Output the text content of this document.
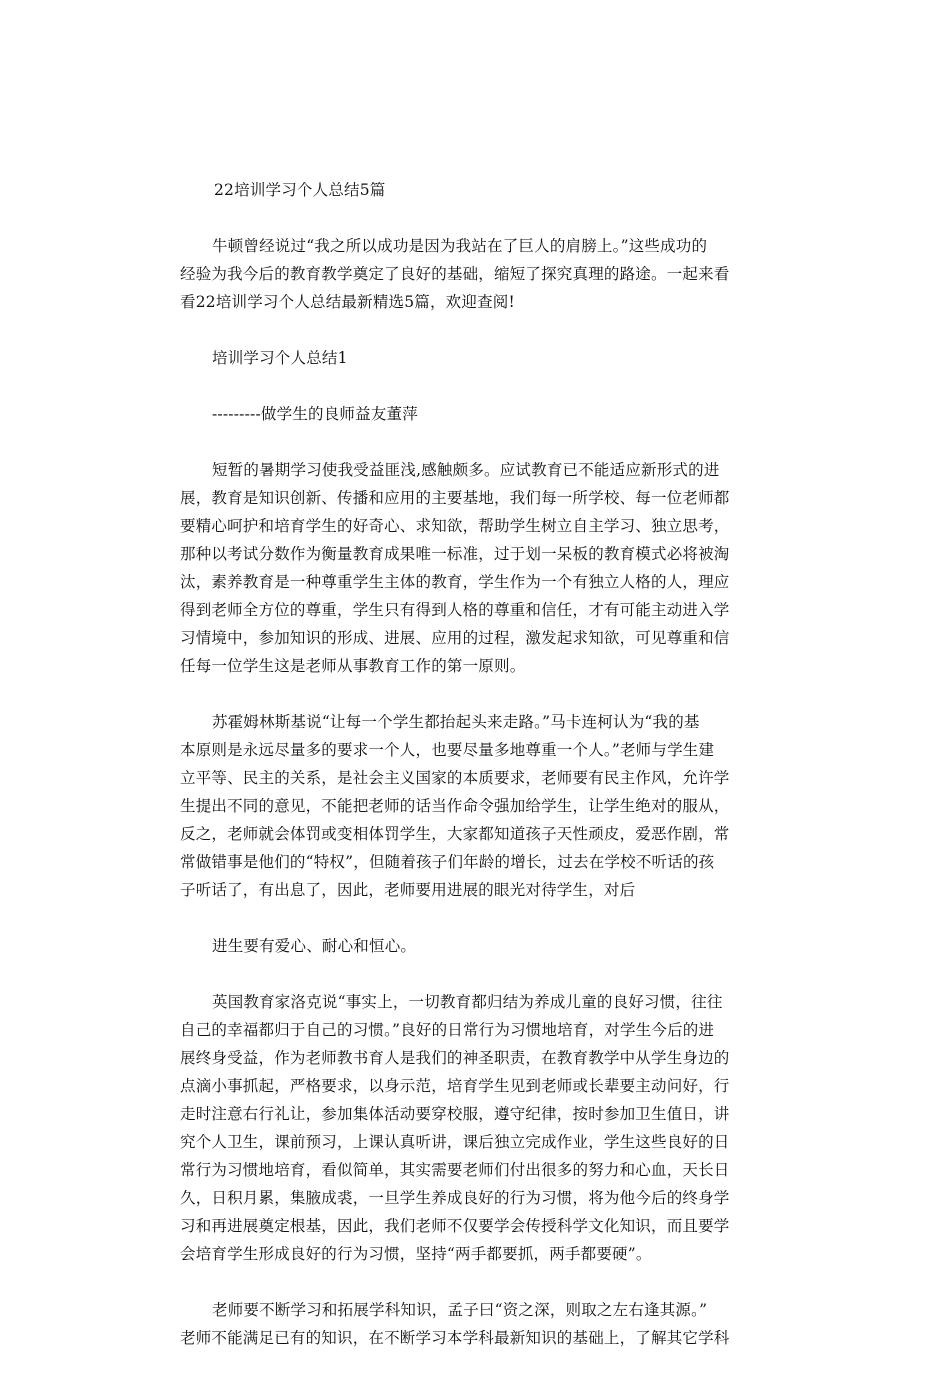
22培训学习个人总结5篇
牛顿曾经说过“我之所以成功是因为我站在了巨人的肩膀上。”这些成功的
经验为我今后的教育教学奠定了良好的基础，缩短了探究真理的路途。一起来看
看22培训学习个人总结最新精选5篇，欢迎查阅!
培训学习个人总结1
---------做学生的良师益友董萍
短暂的暑期学习使我受益匪浅,感触颇多。应试教育已不能适应新形式的进
展，教育是知识创新、传播和应用的主要基地，我们每一所学校、每一位老师都
要精心呵护和培育学生的好奇心、求知欲，帮助学生树立自主学习、独立思考，
那种以考试分数作为衡量教育成果唯一标准，过于划一呆板的教育模式必将被淘
汰，素养教育是一种尊重学生主体的教育，学生作为一个有独立人格的人，理应
得到老师全方位的尊重，学生只有得到人格的尊重和信任，才有可能主动进入学
习情境中，参加知识的形成、进展、应用的过程，激发起求知欲，可见尊重和信
任每一位学生这是老师从事教育工作的第一原则。
苏霍姆林斯基说“让每一个学生都抬起头来走路。”马卡连柯认为“我的基
本原则是永远尽量多的要求一个人，也要尽量多地尊重一个人。”老师与学生建
立平等、民主的关系，是社会主义国家的本质要求，老师要有民主作风，允许学
生提出不同的意见，不能把老师的话当作命令强加给学生，让学生绝对的服从，
反之，老师就会体罚或变相体罚学生，大家都知道孩子天性顽皮，爱恶作剧，常
常做错事是他们的“特权”，但随着孩子们年龄的增长，过去在学校不听话的孩
子听话了，有出息了，因此，老师要用进展的眼光对待学生，对后
进生要有爱心、耐心和恒心。
英国教育家洛克说“事实上，一切教育都归结为养成儿童的良好习惯，往往
自己的幸福都归于自己的习惯。”良好的日常行为习惯地培育，对学生今后的进
展终身受益，作为老师教书育人是我们的神圣职责，在教育教学中从学生身边的
点滴小事抓起，严格要求，以身示范，培育学生见到老师或长辈要主动问好，行
走时注意右行礼让，参加集体活动要穿校服，遵守纪律，按时参加卫生值日，讲
究个人卫生，课前预习，上课认真听讲，课后独立完成作业，学生这些良好的日
常行为习惯地培育，看似简单，其实需要老师们付出很多的努力和心血，天长日
久，日积月累，集腋成裘，一旦学生养成良好的行为习惯，将为他今后的终身学
习和再进展奠定根基，因此，我们老师不仅要学会传授科学文化知识，而且要学
会培育学生形成良好的行为习惯，坚持“两手都要抓，两手都要硬”。
老师要不断学习和拓展学科知识，孟子曰“资之深，则取之左右逢其源。”
老师不能满足已有的知识，在不断学习本学科最新知识的基础上，了解其它学科
